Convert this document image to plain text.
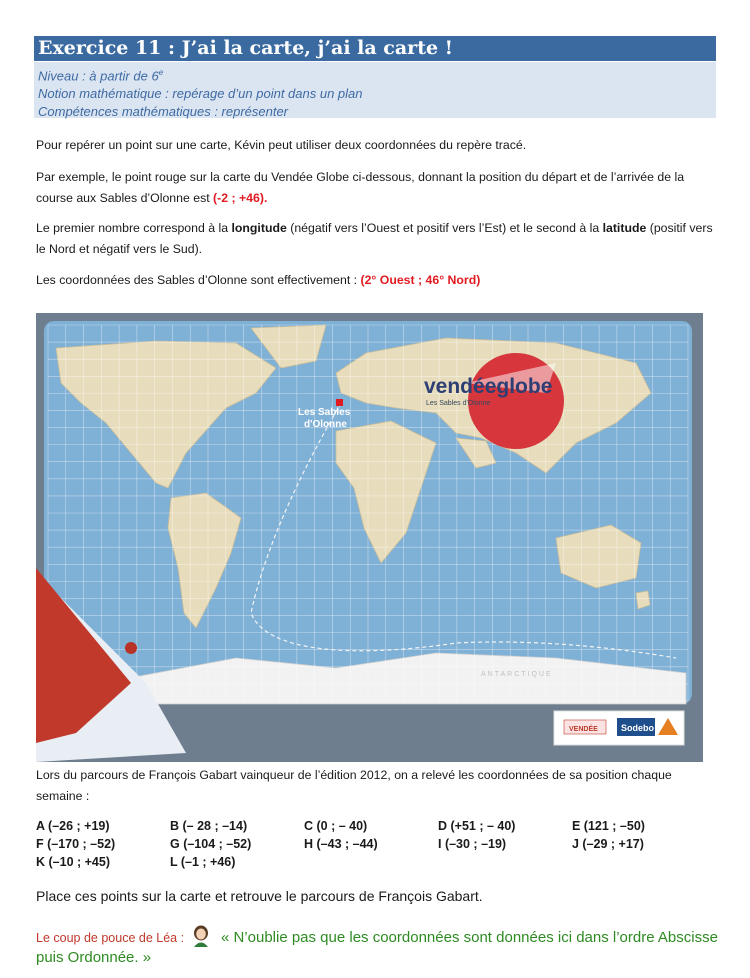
Exercice 11 : J’ai la carte, j’ai la carte !
Niveau : à partir de 6e
Notion mathématique : repérage d’un point dans un plan
Compétences mathématiques : représenter
Pour repérer un point sur une carte, Kévin peut utiliser deux coordonnées du repère tracé.
Par exemple, le point rouge sur la carte du Vendée Globe ci-dessous, donnant la position du départ et de l’arrivée de la course aux Sables d’Olonne est (-2 ; +46).
Le premier nombre correspond à la longitude (négatif vers l’Ouest et positif vers l’Est) et le second à la latitude (positif vers le Nord et négatif vers le Sud).
Les coordonnées des Sables d’Olonne sont effectivement : (2° Ouest ; 46° Nord)
Les Sables
d'Olonne
vendéeglobe
Les Sables d'Olonne
ANTARCTIQUE
VENDÉE	Sodebo
Lors du parcours de François Gabart vainqueur de l’édition 2012, on a relevé les coordonnées de sa position chaque semaine :
A (–26 ; +19)	B (– 28 ; –14)	C (0 ; – 40)	D (+51 ; – 40)	E (121 ; –50)
F (–170 ; –52)	G (–104 ; –52)	H (–43 ; –44)	I (–30 ; –19)	J (–29 ; +17)
K (–10 ; +45)	L (–1 ; +46)
Place ces points sur la carte et retrouve le parcours de François Gabart.
Le coup de pouce de Léa : « N’oublie pas que les coordonnées sont données ici dans l’ordre Abscisse puis Ordonnée. »
